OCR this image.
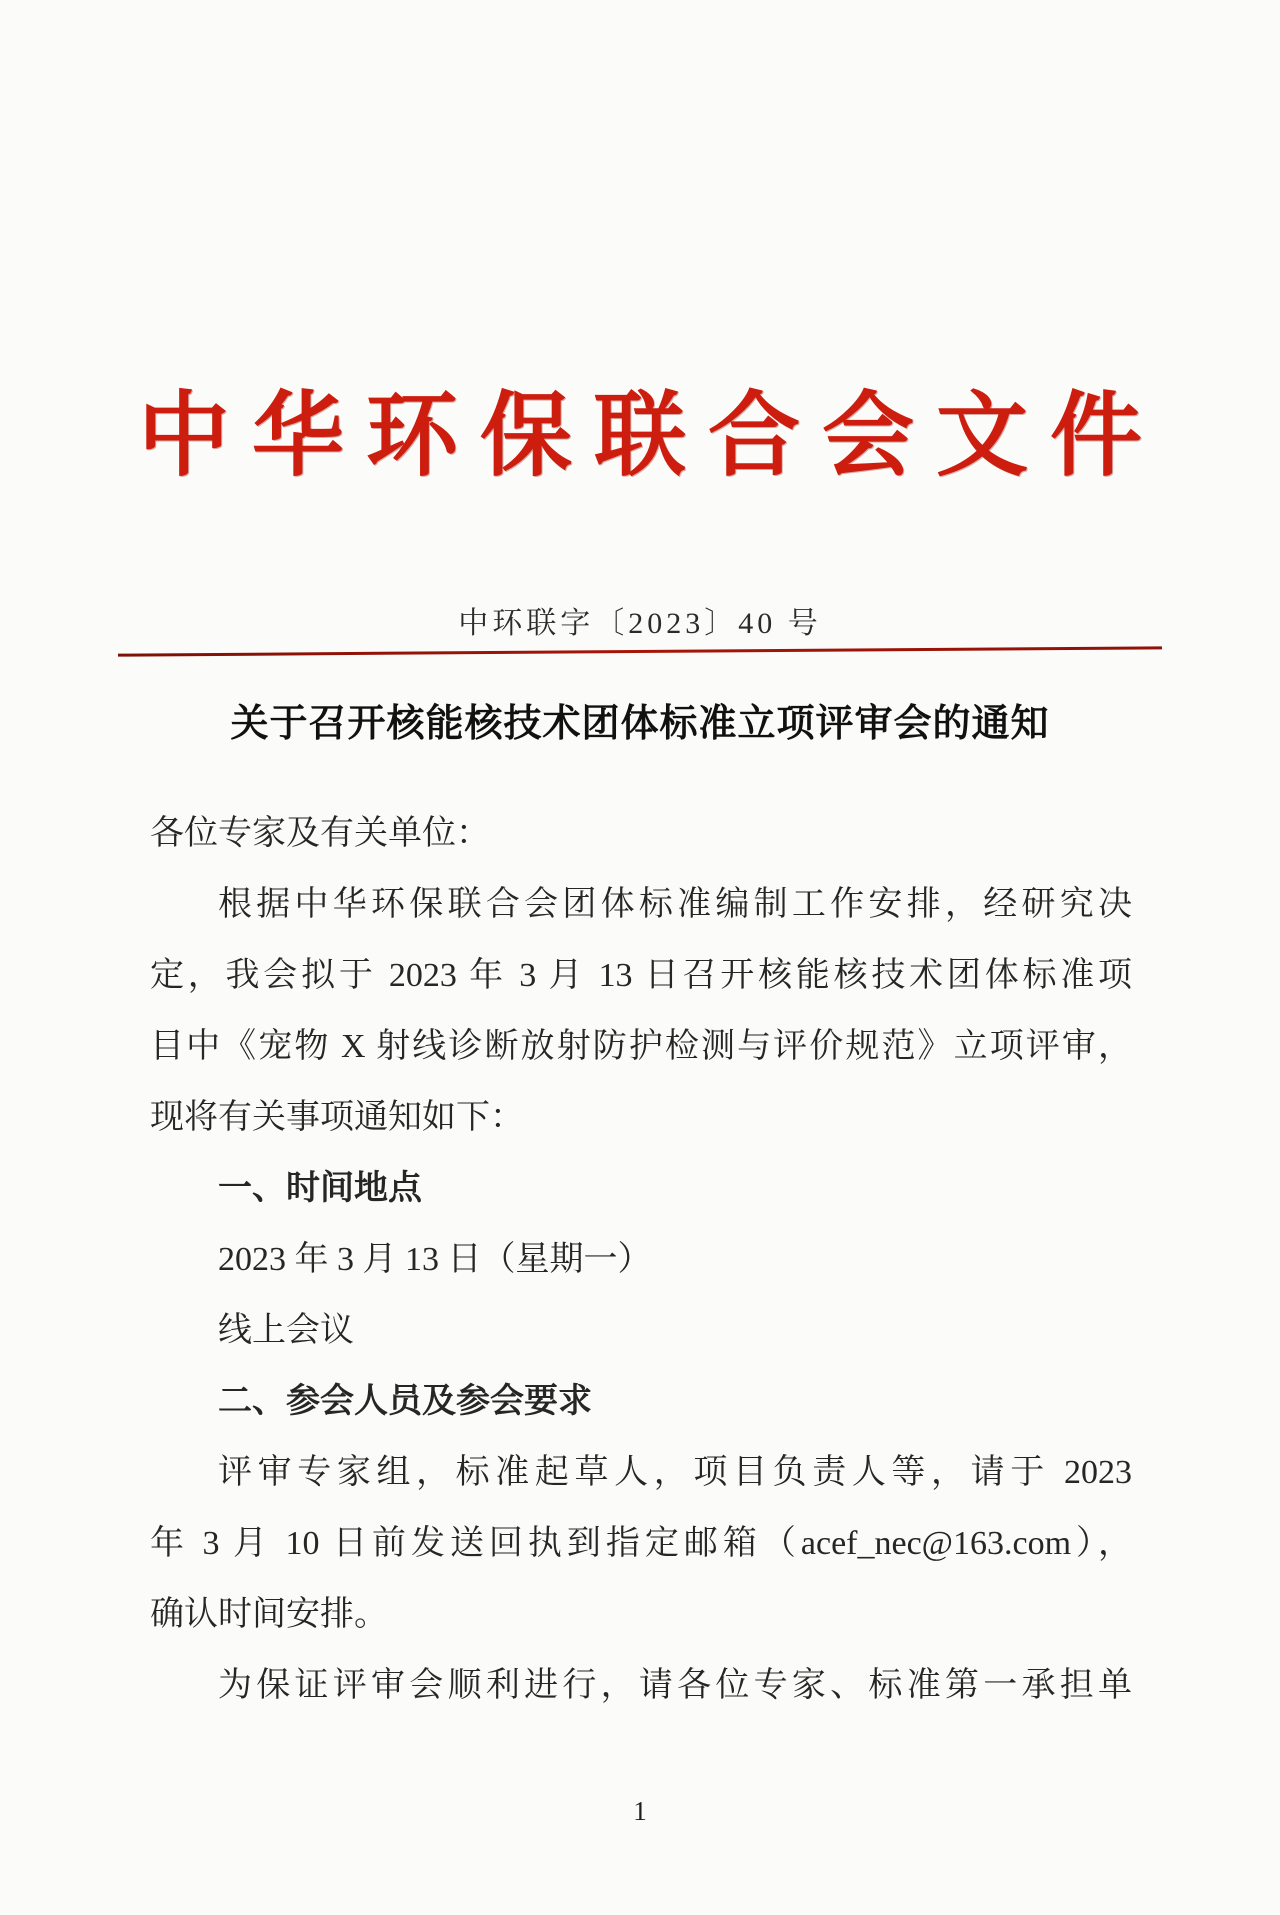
中华环保联合会文件
中环联字〔2023〕40 号
关于召开核能核技术团体标准立项评审会的通知
各位专家及有关单位：
根据中华环保联合会团体标准编制工作安排，经研究决
定，我会拟于 2023 年 3 月 13 日召开核能核技术团体标准项
目中《宠物 X 射线诊断放射防护检测与评价规范》立项评审，
现将有关事项通知如下：
一、时间地点
2023 年 3 月 13 日（星期一）
线上会议
二、参会人员及参会要求
评审专家组，标准起草人，项目负责人等，请于 2023
年 3 月 10 日前发送回执到指定邮箱（acef_nec@163.com），
确认时间安排。
为保证评审会顺利进行，请各位专家、标准第一承担单
1
